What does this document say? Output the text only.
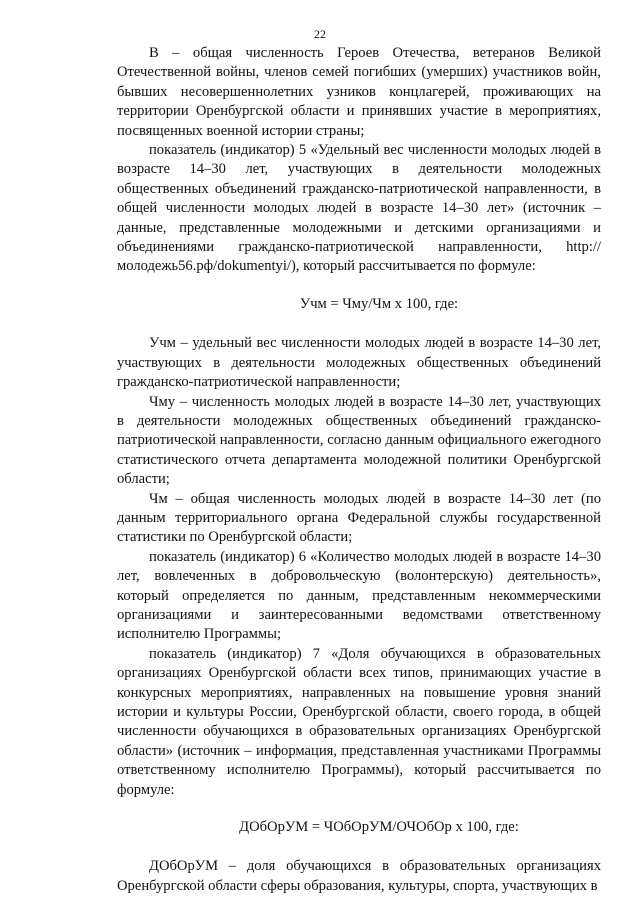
22

В – общая численность Героев Отечества, ветеранов Великой Отечественной войны, членов семей погибших (умерших) участников войн, бывших несовершеннолетних узников концлагерей, проживающих на территории Оренбургской области и принявших участие в мероприятиях, посвященных военной истории страны;

показатель (индикатор) 5 «Удельный вес численности молодых людей в возрасте 14–30 лет, участвующих в деятельности молодежных общественных объединений гражданско-патриотической направленности, в общей численности молодых людей в возрасте 14–30 лет» (источник – данные, представленные молодежными и детскими организациями и объединениями гражданско-патриотической направленности, http://молодежь56.рф/dokumentyi/), который рассчитывается по формуле:

Учм = Чму/Чм х 100, где:

Учм – удельный вес численности молодых людей в возрасте 14–30 лет, участвующих в деятельности молодежных общественных объединений гражданско-патриотической направленности;

Чму – численность молодых людей в возрасте 14–30 лет, участвующих в деятельности молодежных общественных объединений гражданско-патриотической направленности, согласно данным официального ежегодного статистического отчета департамента молодежной политики Оренбургской области;

Чм – общая численность молодых людей в возрасте 14–30 лет (по данным территориального органа Федеральной службы государственной статистики по Оренбургской области;

показатель (индикатор) 6 «Количество молодых людей в возрасте 14–30 лет, вовлеченных в добровольческую (волонтерскую) деятельность», который определяется по данным, представленным некоммерческими организациями и заинтересованными ведомствами ответственному исполнителю Программы;

показатель (индикатор) 7 «Доля обучающихся в образовательных организациях Оренбургской области всех типов, принимающих участие в конкурсных мероприятиях, направленных на повышение уровня знаний истории и культуры России, Оренбургской области, своего города, в общей численности обучающихся в образовательных организациях Оренбургской области» (источник – информация, представленная участниками Программы ответственному исполнителю Программы), который рассчитывается по формуле:

ДОбОрУМ = ЧОбОрУМ/ОЧОбОр х 100, где:

ДОбОрУМ – доля обучающихся в образовательных организациях Оренбургской области сферы образования, культуры, спорта, участвующих в
